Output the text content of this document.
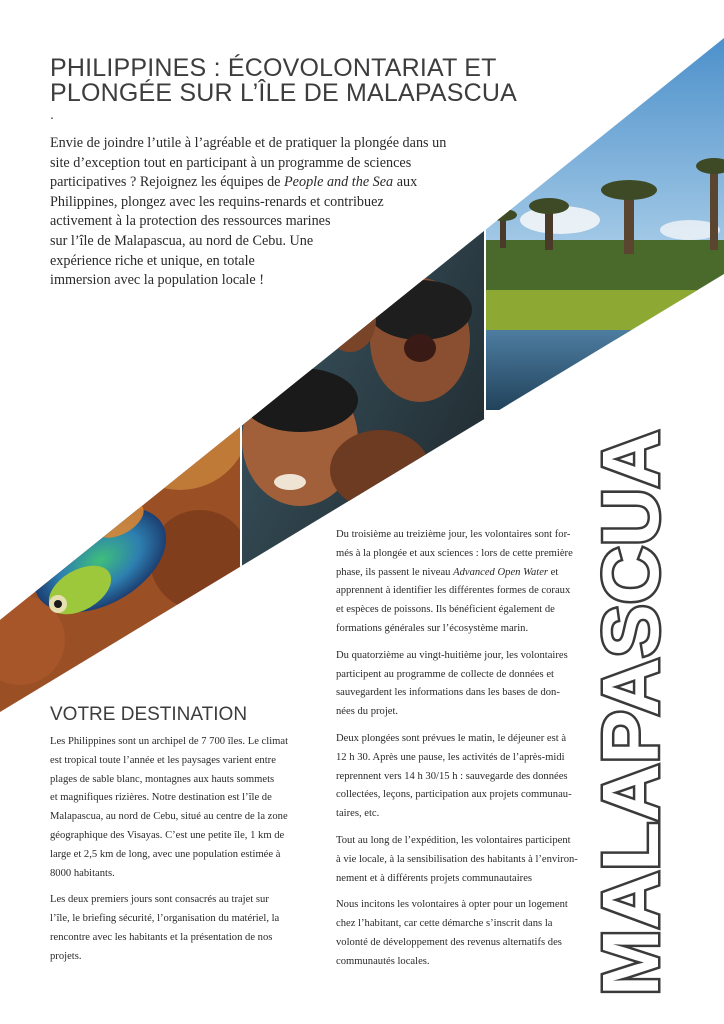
PHILIPPINES : ÉCOVOLONTARIAT ET
PLONGÉE SUR L’ÎLE DE MALAPASCUA
.
Envie de joindre l’utile à l’agréable et de pratiquer la plongée dans un
site d’exception tout en participant à un programme de sciences
participatives ? Rejoignez les équipes de People and the Sea aux
Philippines, plongez avec les requins-renards et contribuez
activement à la protection des ressources marines
sur l’île de Malapascua, au nord de Cebu. Une
expérience riche et unique, en totale
immersion avec la population locale !
VOTRE DESTINATION

Les Philippines sont un archipel de 7 700 îles. Le climat
est tropical toute l’année et les paysages varient entre
plages de sable blanc, montagnes aux hauts sommets
et magnifiques rizières. Notre destination est l’île de
Malapascua, au nord de Cebu, situé au centre de la zone
géographique des Visayas. C’est une petite île, 1 km de
large et 2,5 km de long, avec une population estimée à
8000 habitants.

Les deux premiers jours sont consacrés au trajet sur
l’île, le briefing sécurité, l’organisation du matériel, la
rencontre avec les habitants et la présentation de nos
projets.

Du troisième au treizième jour, les volontaires sont for-
més à la plongée et aux sciences : lors de cette première
phase, ils passent le niveau Advanced Open Water et
apprennent à identifier les différentes formes de coraux
et espèces de poissons. Ils bénéficient également de
formations générales sur l’écosystème marin.

Du quatorzième au vingt-huitième jour, les volontaires
participent au programme de collecte de données et
sauvegardent les informations dans les bases de don-
nées du projet.

Deux plongées sont prévues le matin, le déjeuner est à
12 h 30. Après une pause, les activités de l’après-midi
reprennent vers 14 h 30/15 h : sauvegarde des données
collectées, leçons, participation aux projets communau-
taires, etc.

Tout au long de l’expédition, les volontaires participent
à vie locale, à la sensibilisation des habitants à l’environ-
nement et à différents projets communautaires

Nous incitons les volontaires à opter pour un logement
chez l’habitant, car cette démarche s’inscrit dans la
volonté de développement des revenus alternatifs des
communautés locales.	MALAPASCUA
